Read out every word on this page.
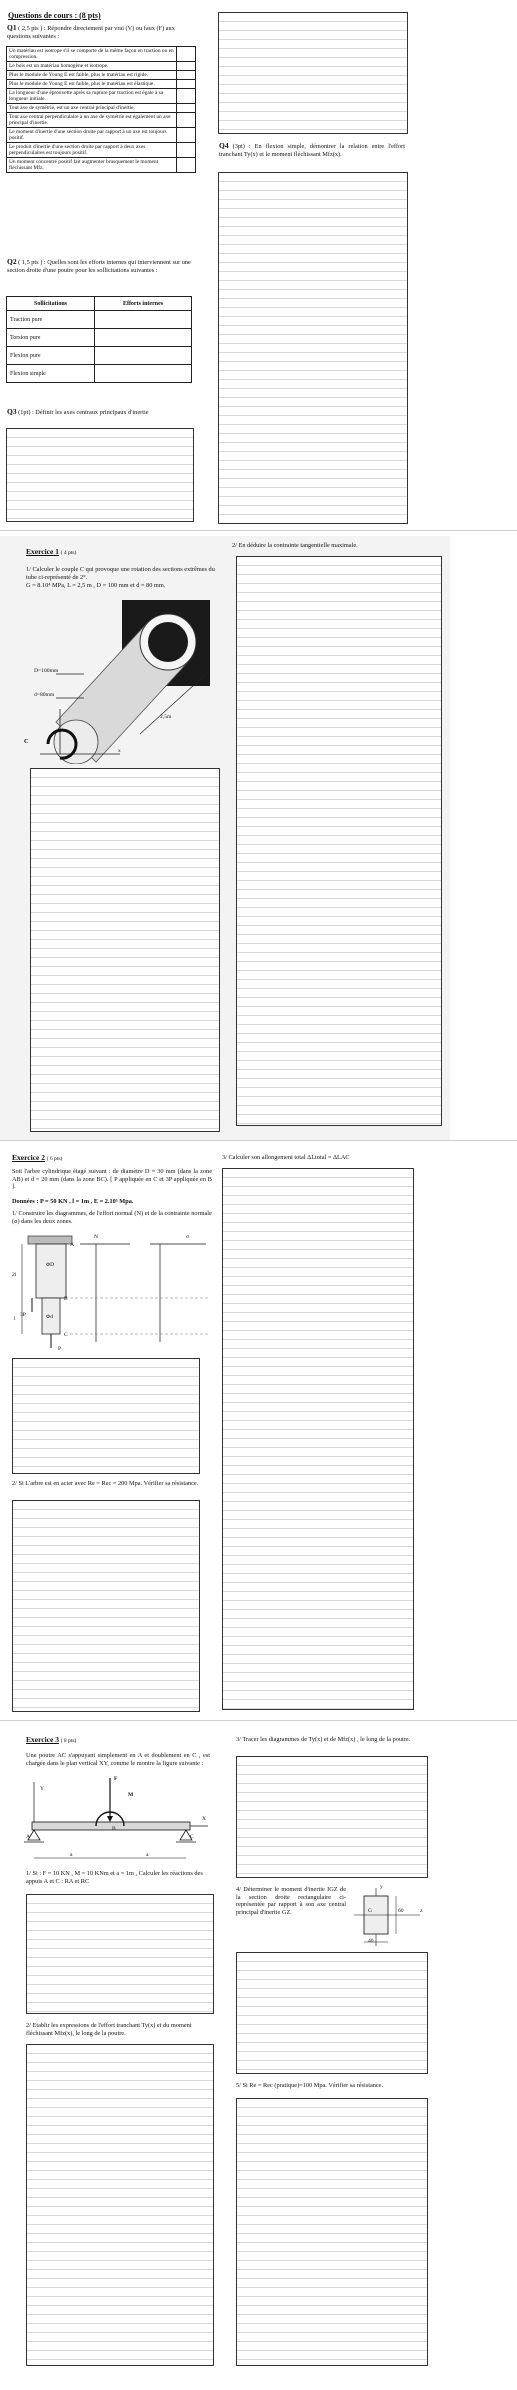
Questions de cours : (8 pts)
Q1 ( 2,5 pts ) : Répondre directement par vrai (V) ou faux (F) aux questions suivantes :
Un matériau est isotrope s'il se comporte de la même façon en traction ou en compression.	
Le bois est un matériau homogène et isotrope.	
Plus le module de Young E est faible, plus le matériau est rigide.	
Plus le module de Young E est faible, plus le matériau est élastique.	
La longueur d'une éprouvette après sa rupture par traction est égale à sa longueur initiale.	
Tout axe de symétrie, est un axe central principal d'inertie.	
Tout axe central perpendiculaire à un axe de symétrie est également un axe principal d'inertie.	
Le moment d'inertie d'une section droite par rapport à un axe est toujours positif.	
Le produit d'inertie d'une section droite par rapport à deux axes perpendiculaires est toujours positif.	
Un moment concentré positif fait augmenter brusquement le moment fléchissant Mfz.	
Q2 ( 1,5 pts ) : Quelles sont les efforts internes qui interviennent sur une section droite d'une poutre pour les sollicitations suivantes :
Sollicitations	Efforts internes
Traction pure	
Torsion pure	
Flexion pure	
Flexion simple	
Q3 (1pt) : Définir les axes centraux principaux d'inertie
Q4 (3pt) : En flexion simple, démontrer la relation entre l'effort tranchant Ty(x) et le moment fléchissant Mfz(x).
Exercice 1 ( 4 pts)
1/ Calculer le couple C qui provoque une rotation des sections extrêmes du tube ci-représenté de 2°.
G = 8.10⁴ MPa, L = 2,5 m , D = 100 mm et d = 80 mm.
D=100mm
d=80mm
2,5m
C
x
2/ En déduire la contrainte tangentielle maximale.
Exercice 2 ( 6 pts)
Soit l'arbre cylindrique étagé suivant : de diamètre D = 30 mm (dans la zone AB) et d = 20 mm (dans la zone BC). [ P appliquée en C et 3P appliquée en B ].
Données : P = 50 KN , l = 1m , E = 2.10⁵ Mpa.
1/ Construire les diagrammes, de l'effort normal (N) et de la contrainte normale (σ) dans les deux zones.
A
B
C
N	σ
ΦD
Φd
2l
l
3P
P
2/ Si L'arbre est en acier avec Re = Rec = 200 Mpa. Vérifier sa résistance.
3/ Calculer son allongement total ΔLtotal = ΔLAC
Exercice 3 ( 8 pts)
Une poutre AC s'appuyant simplement en A et doublement en C , est chargée dans le plan vertical XY, comme le montre la figure suivante :
F
M
Y
X
A
B
C
a	a
1/ Si : F = 10 KN , M = 10 KNm et a = 1m , Calculer les réactions des appuis A et C : RA et RC
2/ Etablir les expressions de l'effort tranchant Ty(x) et du moment fléchissant Mfz(x), le long de la poutre.
3/ Tracer les diagrammes de Ty(x) et de Mfz(x) , le long de la poutre.
4/ Déterminer le moment d'inertie IGZ de la section droite rectangulaire ci-représentée par rapport à son axe central principal d'inertie GZ.
y
G	z
60
40
5/ Si Re = Rec (pratique)=100 Mpa. Vérifier sa résistance.
